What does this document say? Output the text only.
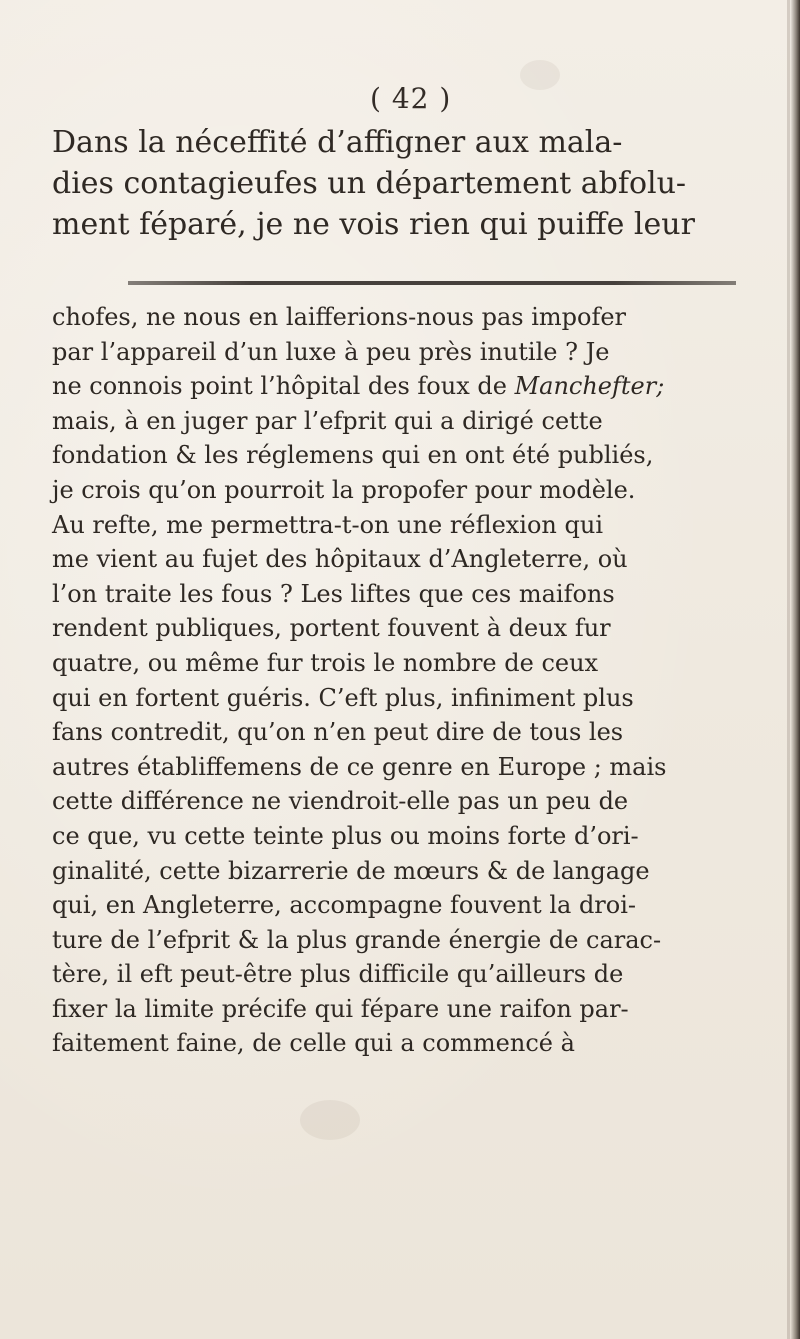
( 42 )
Dans la néceffité d’affigner aux mala-
dies contagieufes un département abfolu-
ment féparé, je ne vois rien qui puiffe leur
chofes, ne nous en laifferions-nous pas impofer
par l’appareil d’un luxe à peu près inutile ? Je
ne connois point l’hôpital des foux de Manchefter;
mais, à en juger par l’efprit qui a dirigé cette
fondation & les réglemens qui en ont été publiés,
je crois qu’on pourroit la propofer pour modèle.
Au refte, me permettra-t-on une réflexion qui
me vient au fujet des hôpitaux d’Angleterre, où
l’on traite les fous ? Les liftes que ces maifons
rendent publiques, portent fouvent à deux fur
quatre, ou même fur trois le nombre de ceux
qui en fortent guéris. C’eft plus, infiniment plus
fans contredit, qu’on n’en peut dire de tous les
autres établiffemens de ce genre en Europe ; mais
cette différence ne viendroit-elle pas un peu de
ce que, vu cette teinte plus ou moins forte d’ori-
ginalité, cette bizarrerie de mœurs & de langage
qui, en Angleterre, accompagne fouvent la droi-
ture de l’efprit & la plus grande énergie de carac-
tère, il eft peut-être plus difficile qu’ailleurs de
fixer la limite précife qui fépare une raifon par-
faitement faine, de celle qui a commencé à
